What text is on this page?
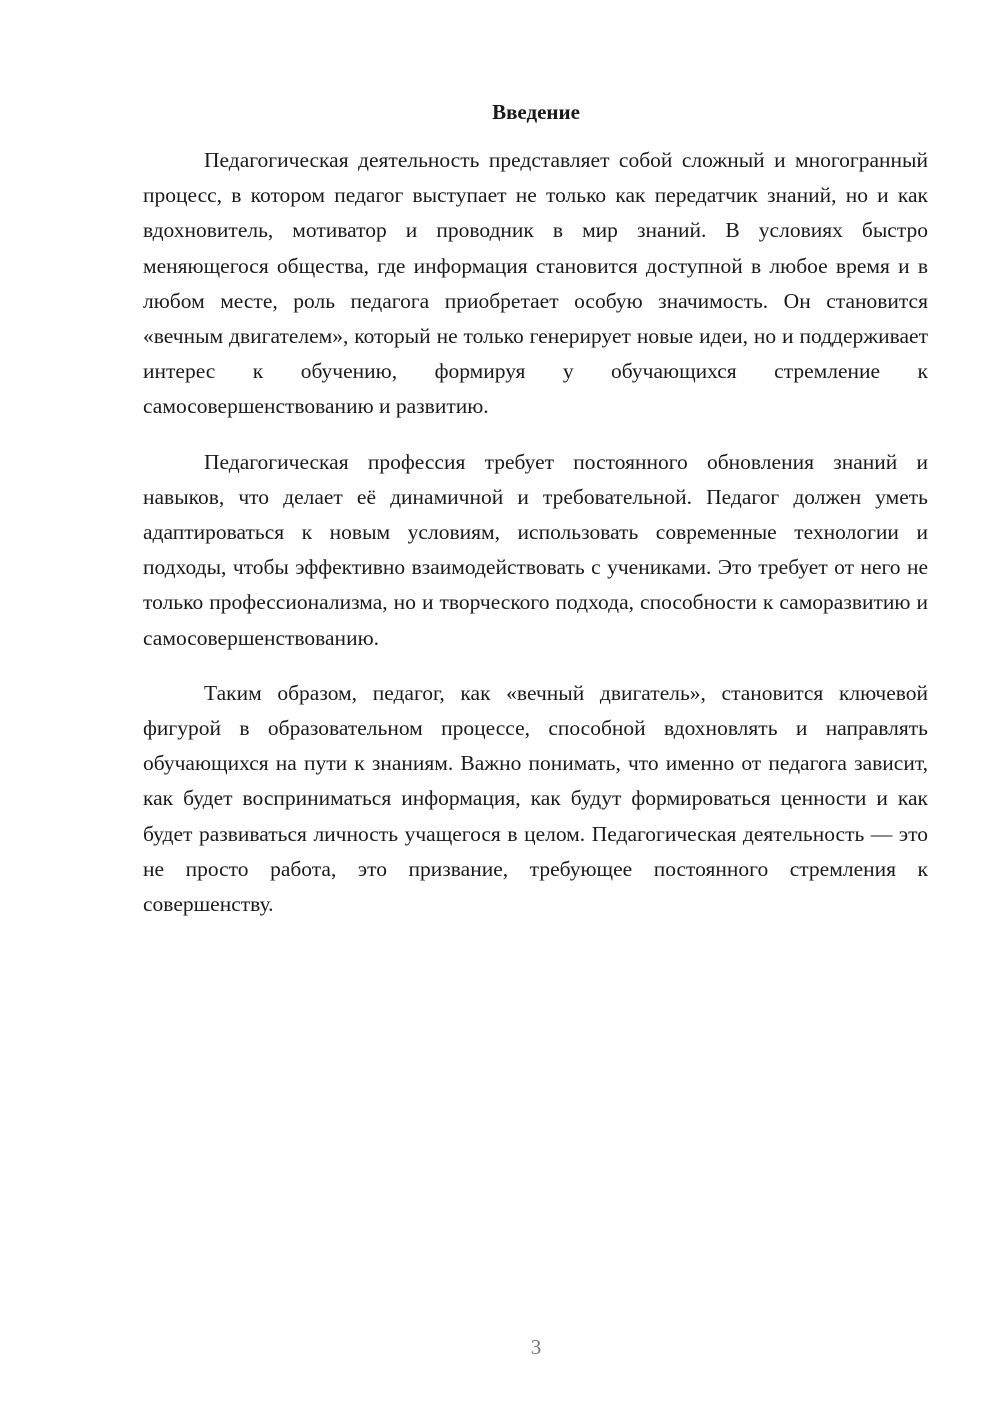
Введение

Педагогическая деятельность представляет собой сложный и многогранный процесс, в котором педагог выступает не только как передатчик знаний, но и как вдохновитель, мотиватор и проводник в мир знаний. В условиях быстро меняющегося общества, где информация становится доступной в любое время и в любом месте, роль педагога приобретает особую значимость. Он становится «вечным двигателем», который не только генерирует новые идеи, но и поддерживает интерес к обучению, формируя у обучающихся стремление к самосовершенствованию и развитию.

Педагогическая профессия требует постоянного обновления знаний и навыков, что делает её динамичной и требовательной. Педагог должен уметь адаптироваться к новым условиям, использовать современные технологии и подходы, чтобы эффективно взаимодействовать с учениками. Это требует от него не только профессионализма, но и творческого подхода, способности к саморазвитию и самосовершенствованию.

Таким образом, педагог, как «вечный двигатель», становится ключевой фигурой в образовательном процессе, способной вдохновлять и направлять обучающихся на пути к знаниям. Важно понимать, что именно от педагога зависит, как будет восприниматься информация, как будут формироваться ценности и как будет развиваться личность учащегося в целом. Педагогическая деятельность — это не просто работа, это призвание, требующее постоянного стремления к совершенству.

3
